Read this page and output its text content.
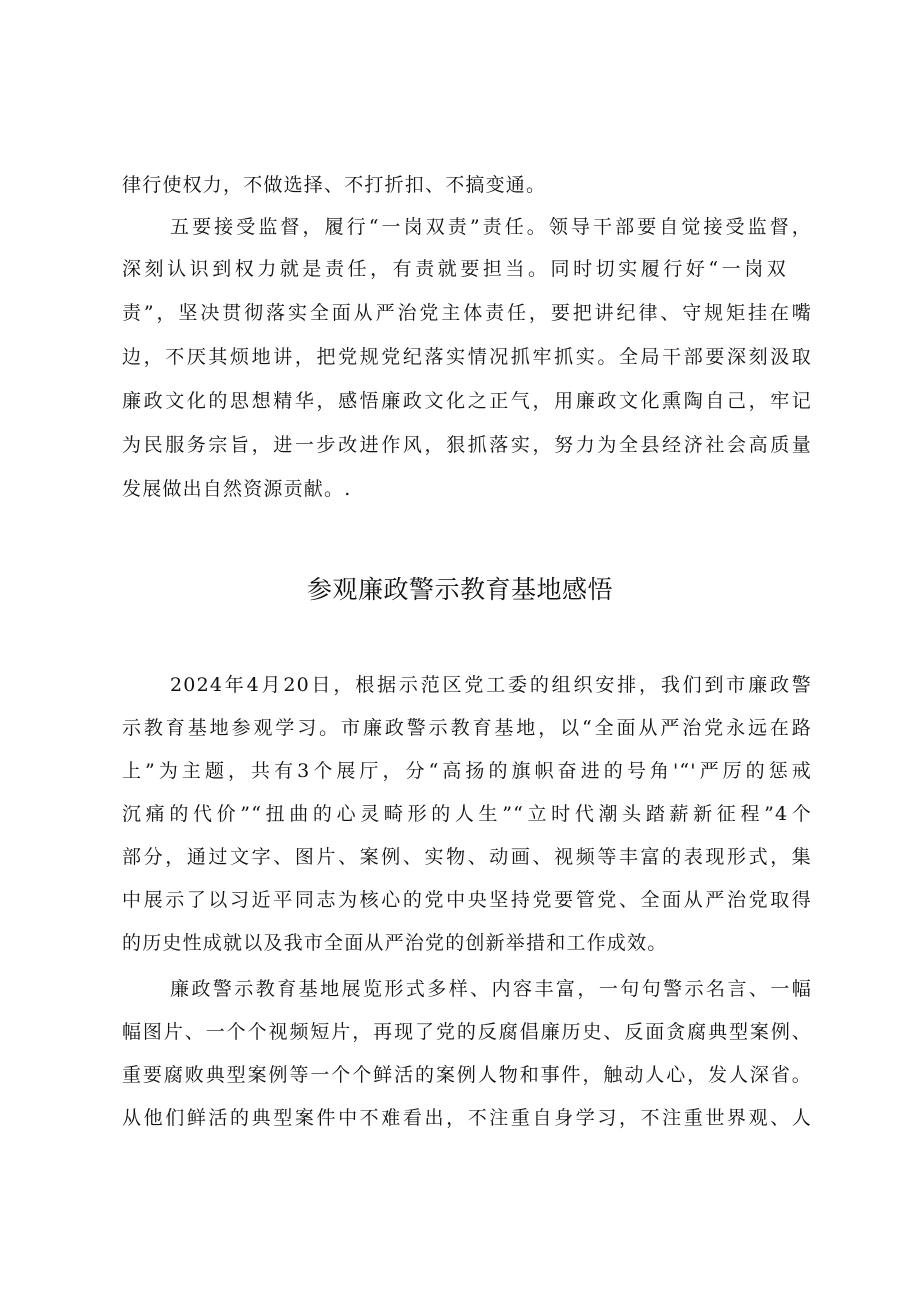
律行使权力，不做选择、不打折扣、不搞变通。
五要接受监督，履行“一岗双责”责任。领导干部要自觉接受监督，
深刻认识到权力就是责任，有责就要担当。同时切实履行好“一岗双
责”，坚决贯彻落实全面从严治党主体责任，要把讲纪律、守规矩挂在嘴
边，不厌其烦地讲，把党规党纪落实情况抓牢抓实。全局干部要深刻汲取
廉政文化的思想精华，感悟廉政文化之正气，用廉政文化熏陶自己，牢记
为民服务宗旨，进一步改进作风，狠抓落实，努力为全县经济社会高质量
发展做出自然资源贡献。.
参观廉政警示教育基地感悟
2024年4月20日，根据示范区党工委的组织安排，我们到市廉政警
示教育基地参观学习。市廉政警示教育基地，以“全面从严治党永远在路
上”为主题，共有3个展厅，分“高扬的旗帜奋进的号角'“'严厉的惩戒
沉痛的代价”“扭曲的心灵畸形的人生”“立时代潮头踏薪新征程”4个
部分，通过文字、图片、案例、实物、动画、视频等丰富的表现形式，集
中展示了以习近平同志为核心的党中央坚持党要管党、全面从严治党取得
的历史性成就以及我市全面从严治党的创新举措和工作成效。
廉政警示教育基地展览形式多样、内容丰富，一句句警示名言、一幅
幅图片、一个个视频短片，再现了党的反腐倡廉历史、反面贪腐典型案例、
重要腐败典型案例等一个个鲜活的案例人物和事件，触动人心，发人深省。
从他们鲜活的典型案件中不难看出，不注重自身学习，不注重世界观、人
